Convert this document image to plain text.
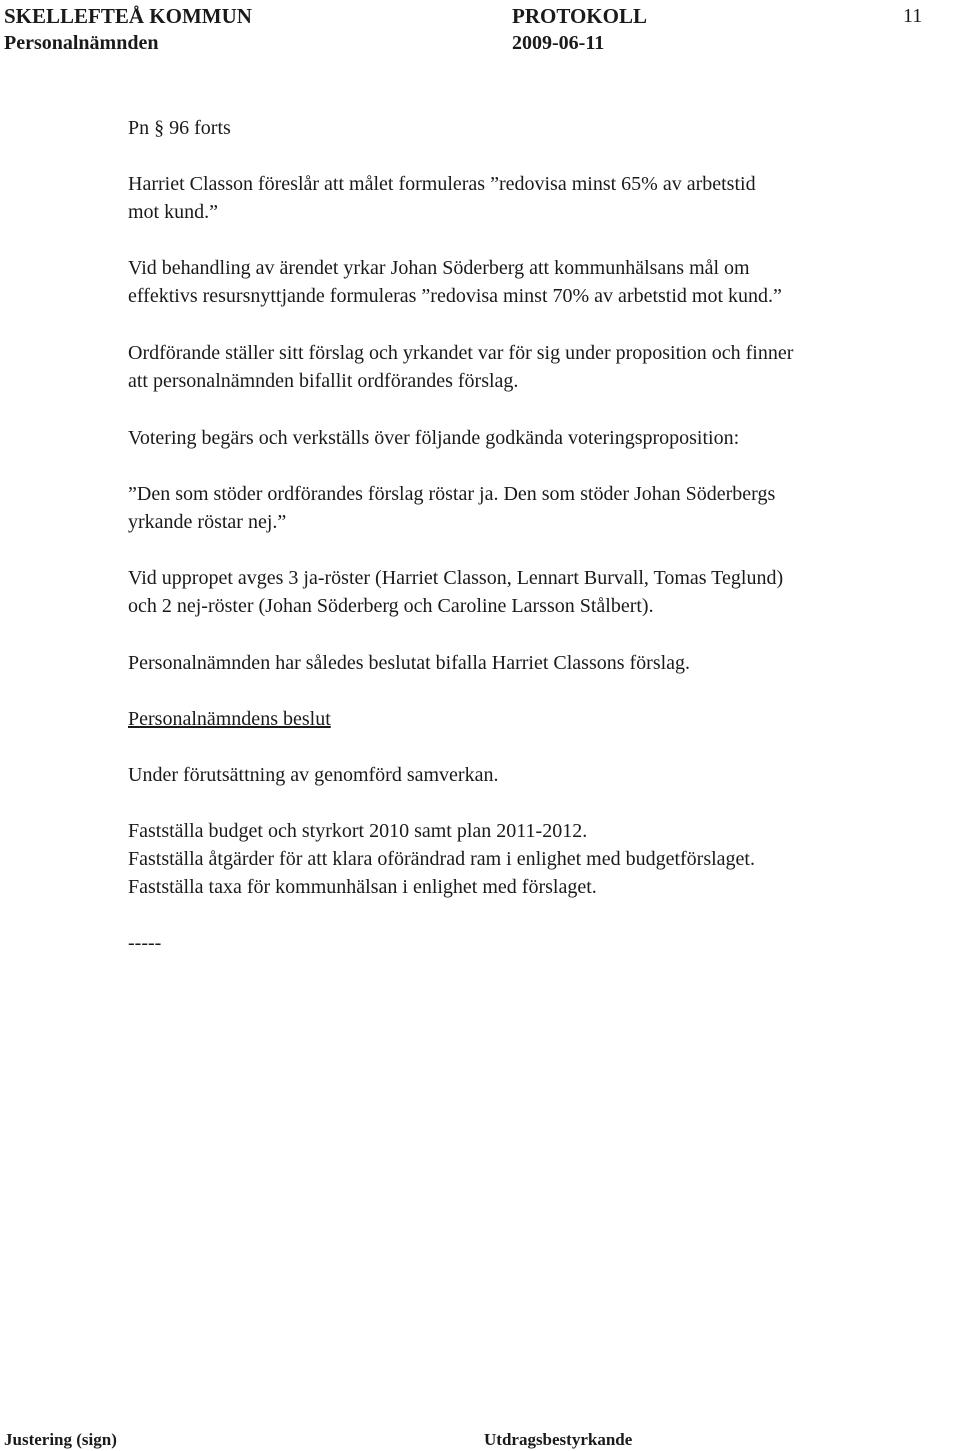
SKELLEFTEÅ KOMMUN	PROTOKOLL	11
Personalnämnden	2009-06-11
Pn § 96 forts
Harriet Classon föreslår att målet formuleras ”redovisa minst 65% av arbetstid
mot kund.”
Vid behandling av ärendet yrkar Johan Söderberg att kommunhälsans mål om
effektivs resursnyttjande formuleras ”redovisa minst 70% av arbetstid mot kund.”
Ordförande ställer sitt förslag och yrkandet var för sig under proposition och finner
att personalnämnden bifallit ordförandes förslag.
Votering begärs och verkställs över följande godkända voteringsproposition:
”Den som stöder ordförandes förslag röstar ja. Den som stöder Johan Söderbergs
yrkande röstar nej.”
Vid uppropet avges 3 ja-röster (Harriet Classon, Lennart Burvall, Tomas Teglund)
och 2 nej-röster (Johan Söderberg och Caroline Larsson Stålbert).
Personalnämnden har således beslutat bifalla Harriet Classons förslag.
Personalnämndens beslut
Under förutsättning av genomförd samverkan.
Fastställa budget och styrkort 2010 samt plan 2011-2012.
Fastställa åtgärder för att klara oförändrad ram i enlighet med budgetförslaget.
Fastställa taxa för kommunhälsan i enlighet med förslaget.
-----
Justering (sign)	Utdragsbestyrkande
